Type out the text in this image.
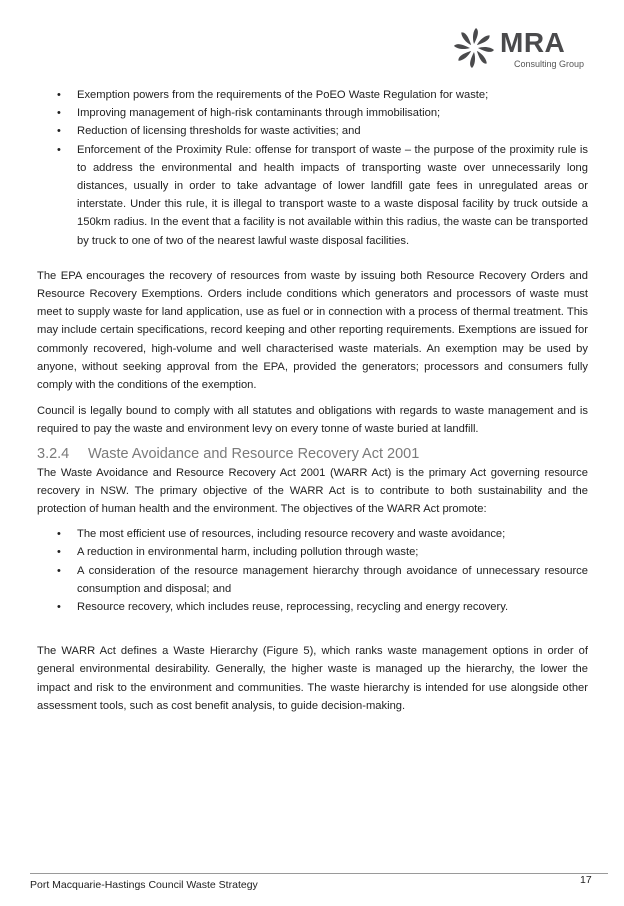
MRA
Consulting Group
• Exemption powers from the requirements of the PoEO Waste Regulation for waste;
• Improving management of high-risk contaminants through immobilisation;
• Reduction of licensing thresholds for waste activities; and
• Enforcement of the Proximity Rule: offense for transport of waste – the purpose of the proximity rule is to address the environmental and health impacts of transporting waste over unnecessarily long distances, usually in order to take advantage of lower landfill gate fees in unregulated areas or interstate. Under this rule, it is illegal to transport waste to a waste disposal facility by truck outside a 150km radius. In the event that a facility is not available within this radius, the waste can be transported by truck to one of two of the nearest lawful waste disposal facilities.

The EPA encourages the recovery of resources from waste by issuing both Resource Recovery Orders and Resource Recovery Exemptions. Orders include conditions which generators and processors of waste must meet to supply waste for land application, use as fuel or in connection with a process of thermal treatment. This may include certain specifications, record keeping and other reporting requirements. Exemptions are issued for commonly recovered, high-volume and well characterised waste materials. An exemption may be used by anyone, without seeking approval from the EPA, provided the generators; processors and consumers fully comply with the conditions of the exemption.

Council is legally bound to comply with all statutes and obligations with regards to waste management and is required to pay the waste and environment levy on every tonne of waste buried at landfill.

3.2.4 Waste Avoidance and Resource Recovery Act 2001

The Waste Avoidance and Resource Recovery Act 2001 (WARR Act) is the primary Act governing resource recovery in NSW. The primary objective of the WARR Act is to contribute to both sustainability and the protection of human health and the environment. The objectives of the WARR Act promote:

• The most efficient use of resources, including resource recovery and waste avoidance;
• A reduction in environmental harm, including pollution through waste;
• A consideration of the resource management hierarchy through avoidance of unnecessary resource consumption and disposal; and
• Resource recovery, which includes reuse, reprocessing, recycling and energy recovery.

The WARR Act defines a Waste Hierarchy (Figure 5), which ranks waste management options in order of general environmental desirability. Generally, the higher waste is managed up the hierarchy, the lower the impact and risk to the environment and communities. The waste hierarchy is intended for use alongside other assessment tools, such as cost benefit analysis, to guide decision-making.

Port Macquarie-Hastings Council Waste Strategy	17
